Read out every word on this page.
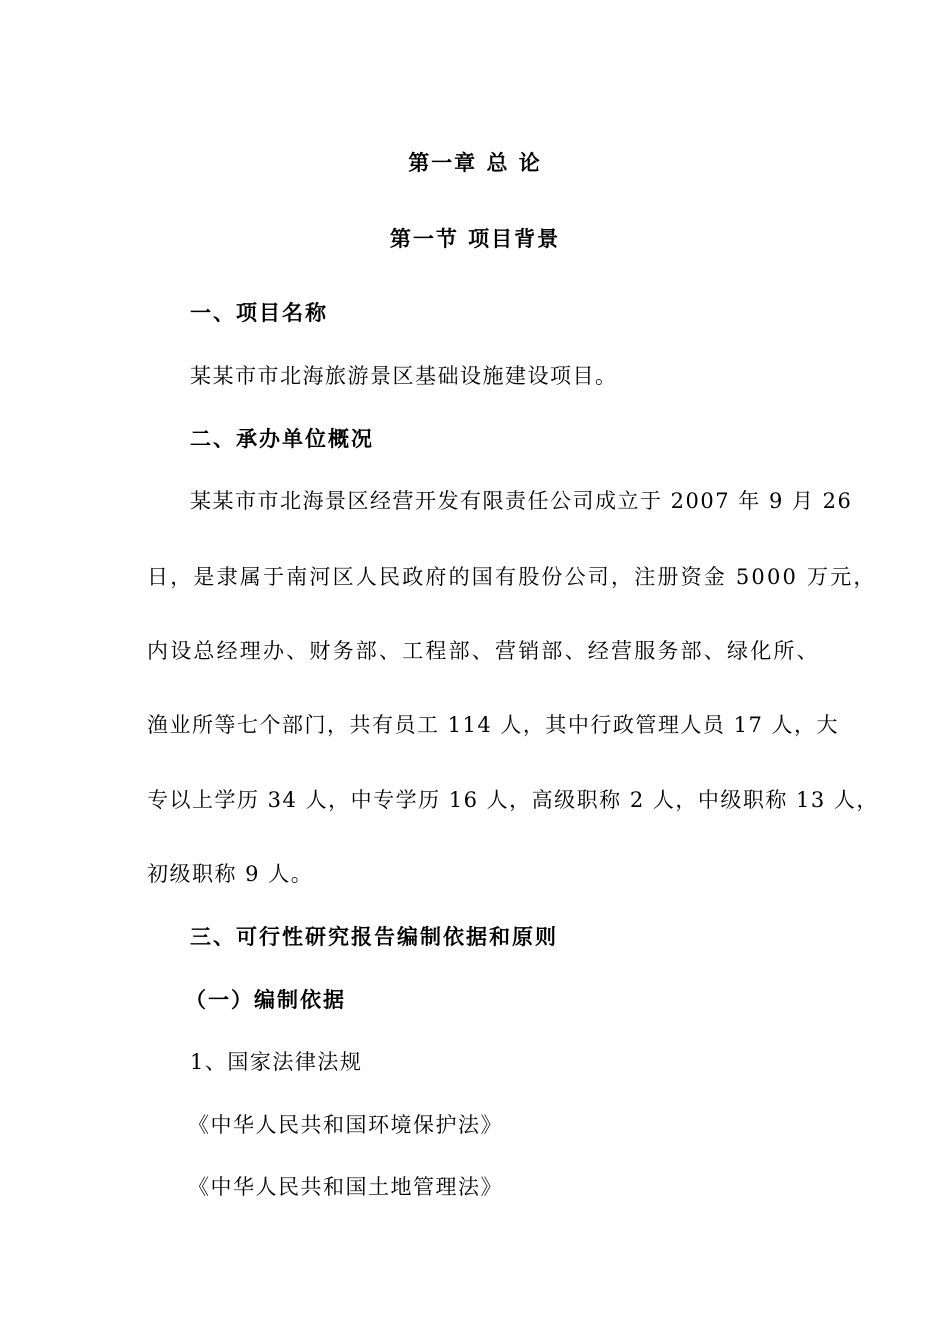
第一章 总 论
第一节 项目背景
一、项目名称
某某市市北海旅游景区基础设施建设项目。
二、承办单位概况
某某市市北海景区经营开发有限责任公司成立于 2007 年 9 月 26
日，是隶属于南河区人民政府的国有股份公司，注册资金 5000 万元，
内设总经理办、财务部、工程部、营销部、经营服务部、绿化所、
渔业所等七个部门，共有员工 114 人，其中行政管理人员 17 人，大
专以上学历 34 人，中专学历 16 人，高级职称 2 人，中级职称 13 人，
初级职称 9 人。
三、可行性研究报告编制依据和原则
（一）编制依据
1、国家法律法规
《中华人民共和国环境保护法》
《中华人民共和国土地管理法》
